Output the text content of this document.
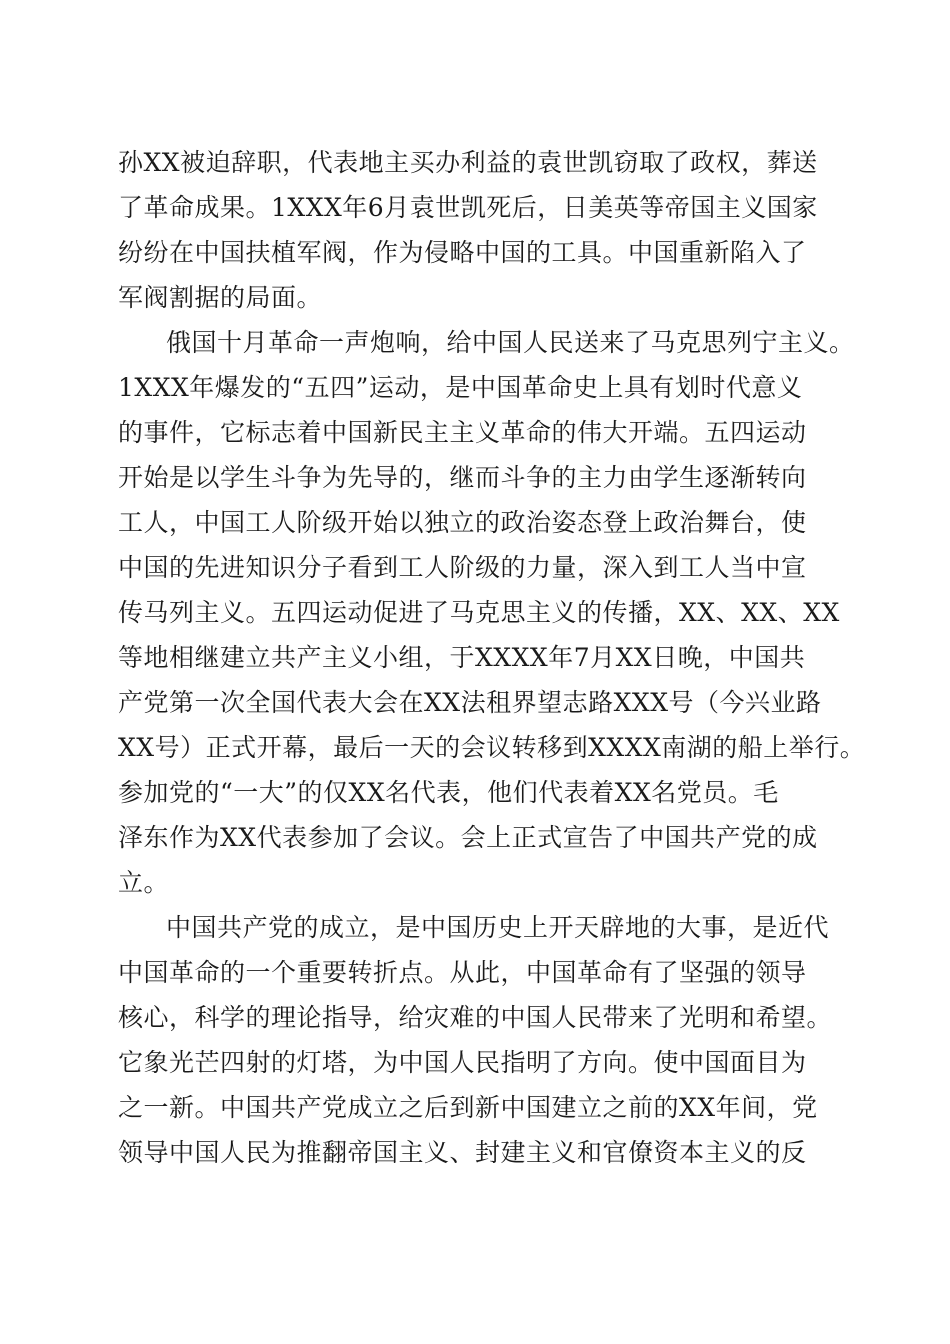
孙XX被迫辞职，代表地主买办利益的袁世凯窃取了政权，葬送
了革命成果。1XXX年6月袁世凯死后，日美英等帝国主义国家
纷纷在中国扶植军阀，作为侵略中国的工具。中国重新陷入了
军阀割据的局面。
俄国十月革命一声炮响，给中国人民送来了马克思列宁主义。
1XXX年爆发的“五四”运动，是中国革命史上具有划时代意义
的事件，它标志着中国新民主主义革命的伟大开端。五四运动
开始是以学生斗争为先导的，继而斗争的主力由学生逐渐转向
工人，中国工人阶级开始以独立的政治姿态登上政治舞台，使
中国的先进知识分子看到工人阶级的力量，深入到工人当中宣
传马列主义。五四运动促进了马克思主义的传播，XX、XX、XX
等地相继建立共产主义小组，于XXXX年7月XX日晚，中国共
产党第一次全国代表大会在XX法租界望志路XXX号（今兴业路
XX号）正式开幕，最后一天的会议转移到XXXX南湖的船上举行。
参加党的“一大”的仅XX名代表，他们代表着XX名党员。毛
泽东作为XX代表参加了会议。会上正式宣告了中国共产党的成
立。
中国共产党的成立，是中国历史上开天辟地的大事，是近代
中国革命的一个重要转折点。从此，中国革命有了坚强的领导
核心，科学的理论指导，给灾难的中国人民带来了光明和希望。
它象光芒四射的灯塔，为中国人民指明了方向。使中国面目为
之一新。中国共产党成立之后到新中国建立之前的XX年间，党
领导中国人民为推翻帝国主义、封建主义和官僚资本主义的反
